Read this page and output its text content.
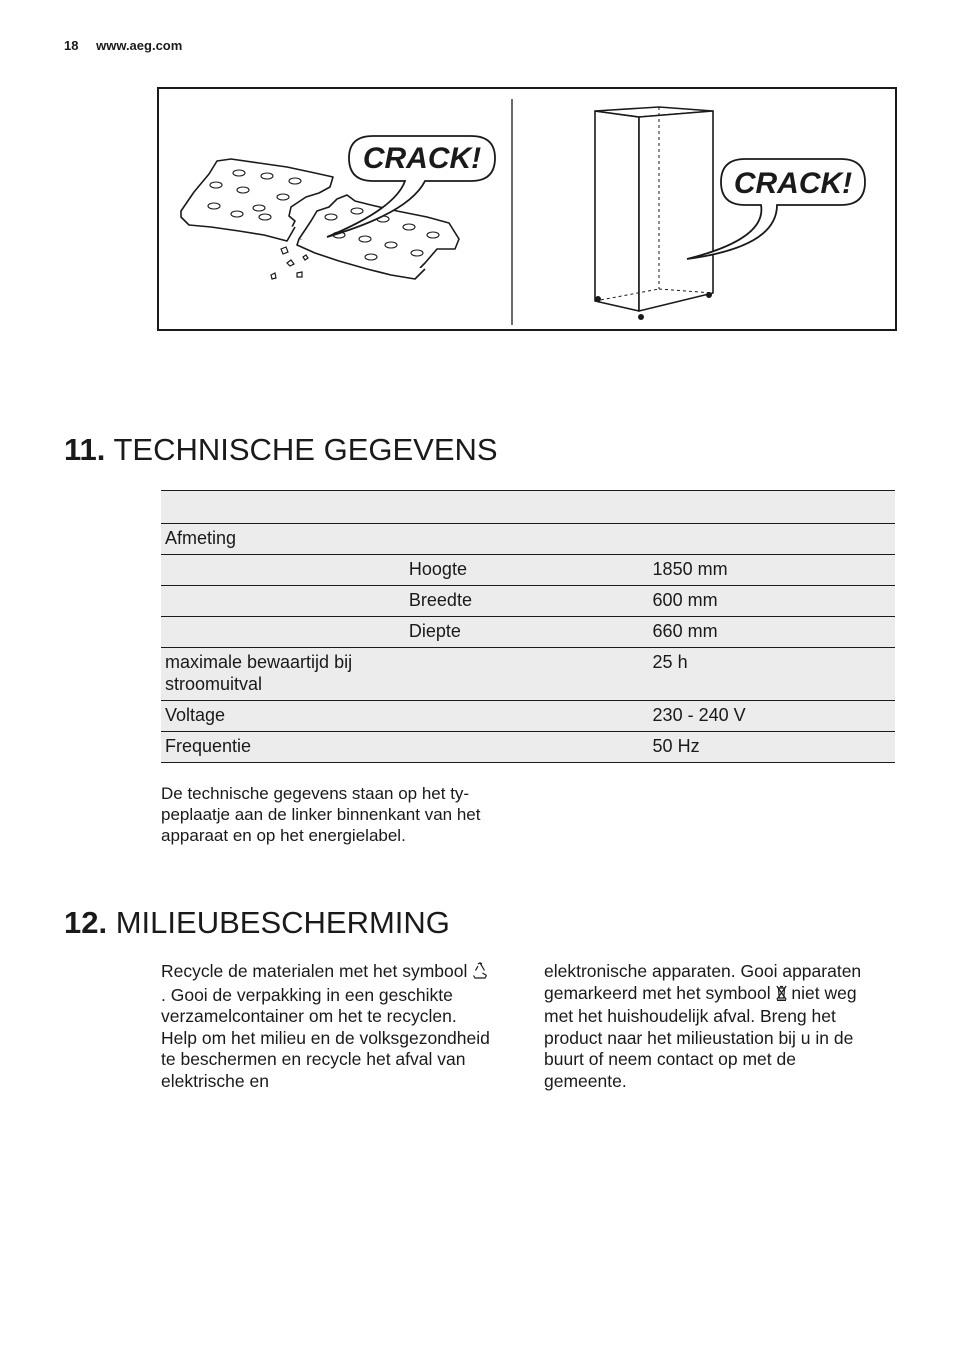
18 www.aeg.com
CRACK!
CRACK!
11. TECHNISCHE GEGEVENS

Afmeting		
	Hoogte	1850 mm
	Breedte	600 mm
	Diepte	660 mm
maximale bewaartijd bij stroomuitval		25 h
Voltage		230 - 240 V
Frequentie		50 Hz
De technische gegevens staan op het ty-peplaatje aan de linker binnenkant van het apparaat en op het energielabel.
12. MILIEUBESCHERMING

Recycle de materialen met het symbool  . Gooi de verpakking in een geschikte verzamelcontainer om het te recyclen.

Help om het milieu en de volksgezondheid te beschermen en recycle het afval van elektrische en

elektronische apparaten. Gooi apparaten gemarkeerd met het symbool niet weg met het huishoudelijk afval. Breng het product naar het milieustation bij u in de buurt of neem contact op met de gemeente.
